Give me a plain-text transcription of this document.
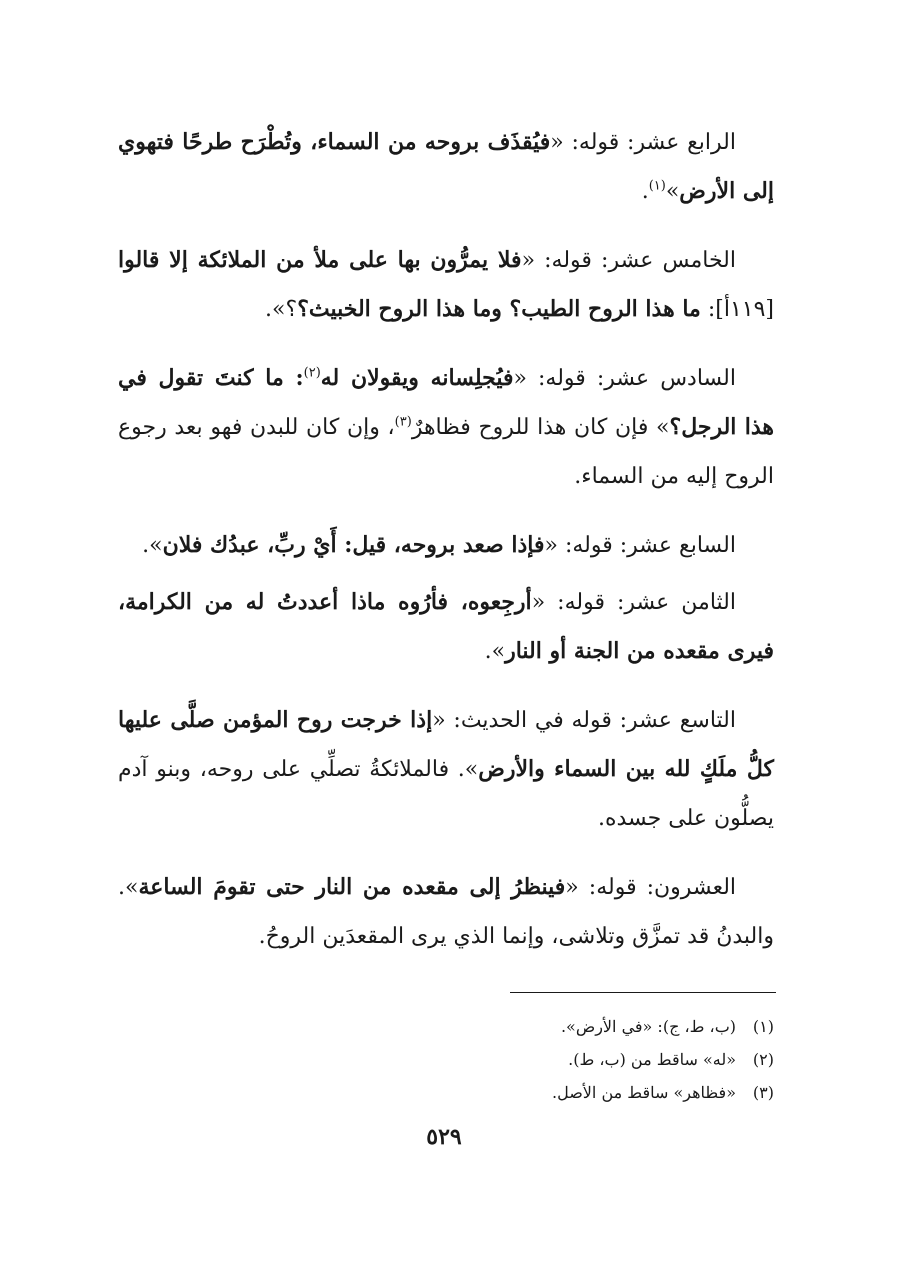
الرابع عشر: قوله: «فيُقذَف بروحه من السماء، وتُطْرَح طرحًا فتهوي إلى الأرض»$^{(١)}$.

الخامس عشر: قوله: «فلا يمرُّون بها على ملأ من الملائكة إلا قالوا [١١٩أ]: ما هذا الروح الطيب؟ وما هذا الروح الخبيث؟؟».

السادس عشر: قوله: «فيُجلِسانه ويقولان له$^{(٢)}$: ما كنتَ تقول في هذا الرجل؟» فإن كان هذا للروح فظاهرٌ$^{(٣)}$، وإن كان للبدن فهو بعد رجوع الروح إليه من السماء.

السابع عشر: قوله: «فإذا صعد بروحه، قيل: أَيْ ربِّ، عبدُك فلان».

الثامن عشر: قوله: «أرجِعوه، فأرُوه ماذا أعددتُ له من الكرامة، فيرى مقعده من الجنة أو النار».

التاسع عشر: قوله في الحديث: «إذا خرجت روح المؤمن صلَّى عليها كلُّ ملَكٍ لله بين السماء والأرض». فالملائكةُ تصلِّي على روحه، وبنو آدم يصلُّون على جسده.

العشرون: قوله: «فينظرُ إلى مقعده من النار حتى تقومَ الساعة». والبدنُ قد تمزَّق وتلاشى، وإنما الذي يرى المقعدَين الروحُ.

(١)(ب، ط، ج): «في الأرض».
(٢)«له» ساقط من (ب، ط).
(٣)«فظاهر» ساقط من الأصل.
٥٢٩
